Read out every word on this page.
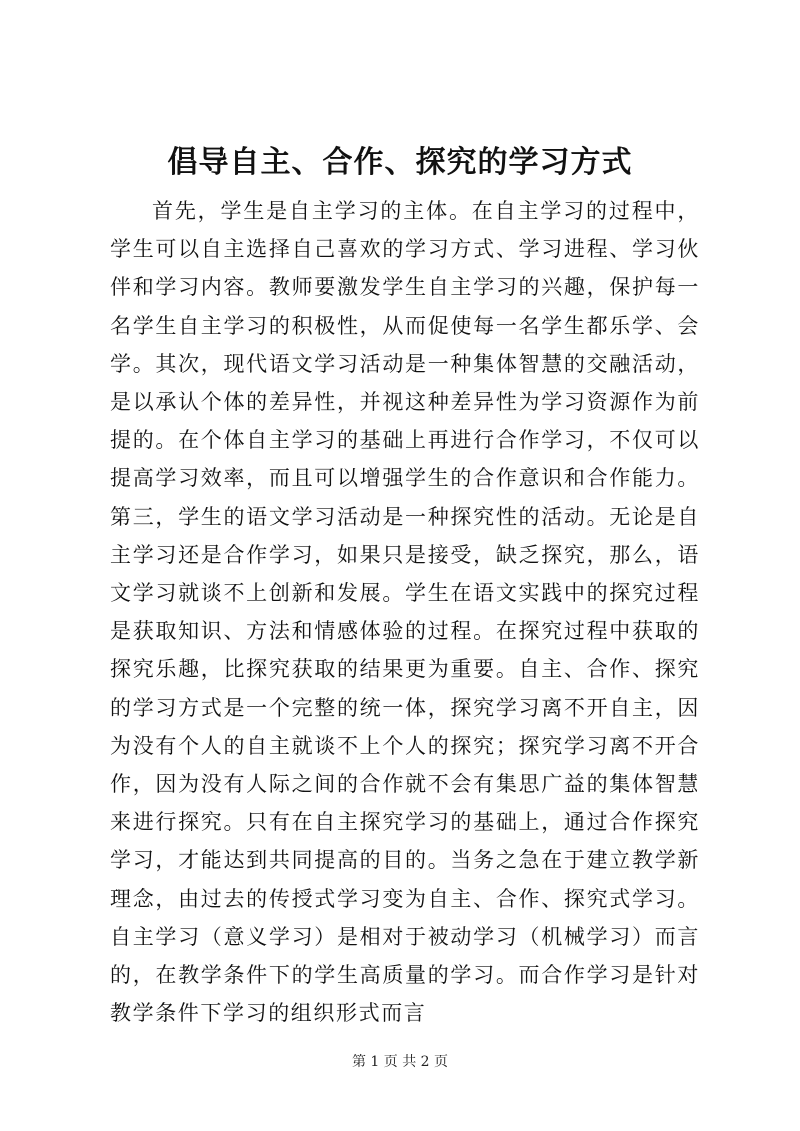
倡导自主、合作、探究的学习方式

首先，学生是自主学习的主体。在自主学习的过程中，学生可以自主选择自己喜欢的学习方式、学习进程、学习伙伴和学习内容。教师要激发学生自主学习的兴趣，保护每一名学生自主学习的积极性，从而促使每一名学生都乐学、会学。其次，现代语文学习活动是一种集体智慧的交融活动，是以承认个体的差异性，并视这种差异性为学习资源作为前提的。在个体自主学习的基础上再进行合作学习，不仅可以提高学习效率，而且可以增强学生的合作意识和合作能力。第三，学生的语文学习活动是一种探究性的活动。无论是自主学习还是合作学习，如果只是接受，缺乏探究，那么，语文学习就谈不上创新和发展。学生在语文实践中的探究过程是获取知识、方法和情感体验的过程。在探究过程中获取的探究乐趣，比探究获取的结果更为重要。自主、合作、探究的学习方式是一个完整的统一体，探究学习离不开自主，因为没有个人的自主就谈不上个人的探究；探究学习离不开合作，因为没有人际之间的合作就不会有集思广益的集体智慧来进行探究。只有在自主探究学习的基础上，通过合作探究学习，才能达到共同提高的目的。当务之急在于建立教学新理念，由过去的传授式学习变为自主、合作、探究式学习。自主学习（意义学习）是相对于被动学习（机械学习）而言的，在教学条件下的学生高质量的学习。而合作学习是针对教学条件下学习的组织形式而言

第 1 页 共 2 页
